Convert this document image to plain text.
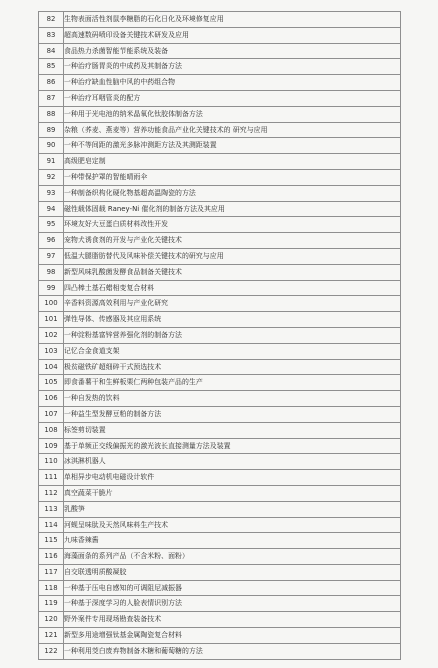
82	生物表面活性剂鼠李糖脂的石化日化及环境修复应用
83	超高速数码喷印设备关键技术研发及应用
84	食品热力杀菌智能节能系统及装备
85	一种治疗肠胃炎的中成药及其制备方法
86	一种治疗缺血性脑中风的中药组合物
87	一种治疗耳咽管炎的配方
88	一种用于光电池的纳米晶氧化钛胶体制备方法
89	杂粮（荞麦、燕麦等）营养功能食品产业化关键技术的 研究与应用
90	一种不等间距的激光多脉冲测距方法及其测距装置
91	高级肥皂定制
92	一种带保护罩的智能晴雨伞
93	一种制备织构化硬化物基超高温陶瓷的方法
94	磁性载体固载 Raney-Ni 催化剂的制备方法及其应用
95	环境友好大豆蛋白质材料改性开发
96	宠物犬诱食剂的开发与产业化关键技术
97	低温大腿脂肪替代及风味补偿关键技术的研究与应用
98	新型风味乳酸菌发酵食品制备关键技术
99	四凸棒土基石蜡相变复合材料
100	辛香料资源高效利用与产业化研究
101	弹性导体、传感器及其应用系统
102	一种淀粉基富锌营养强化剂的制备方法
103	记忆合金食道支架
104	极贫磁铁矿超细碎干式预选技术
105	即食番薯干和生鲜板栗仁两种包装产品的生产
106	一种自发热的饮料
107	一种益生型发酵豆粕的制备方法
108	标签剪切装置
109	基于单频正交线偏振光的激光波长直接测量方法及装置
110	冰淇淋机器人
111	单相异步电动机电磁设计软件
112	真空蔬菜干脆片
113	乳酸笋
114	河蚬呈味肽及天然风味料生产技术
115	九味香辣酱
116	海藻面条的系列产品（不含米粉、面粉）
117	自交联透明质酸凝胶
118	一种基于压电自感知的可调阻尼减振器
119	一种基于深度学习的人脸表情识别方法
120	野外案件专用现场勘查装备技术
121	新型多用途增强钛基金属陶瓷复合材料
122	一种利用茭白废弃物制备木糖和葡萄糖的方法
